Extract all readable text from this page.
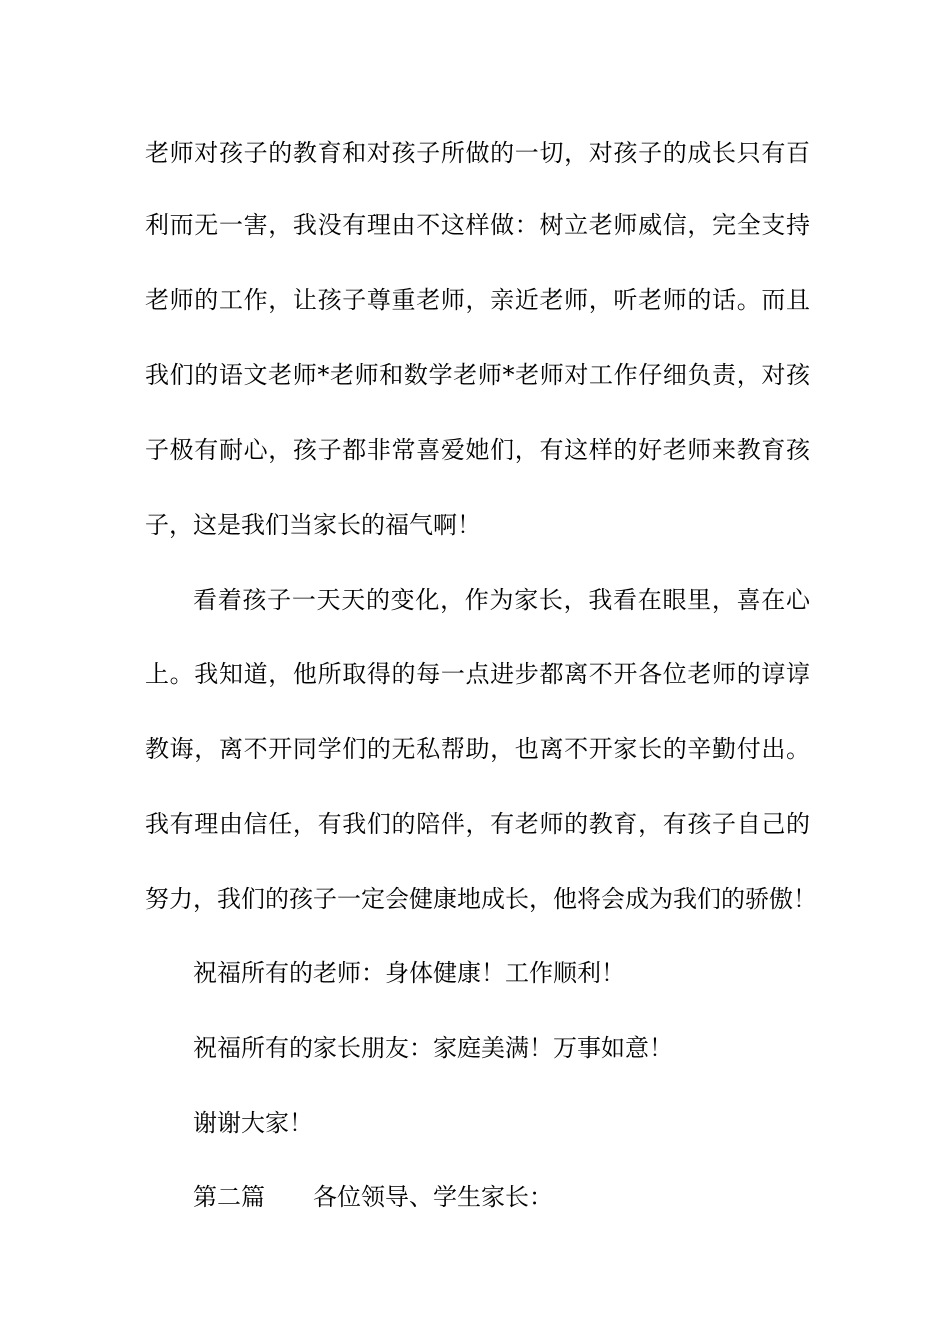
老师对孩子的教育和对孩子所做的一切，对孩子的成长只有百
利而无一害，我没有理由不这样做：树立老师威信，完全支持
老师的工作，让孩子尊重老师，亲近老师，听老师的话。而且
我们的语文老师*老师和数学老师*老师对工作仔细负责，对孩
子极有耐心，孩子都非常喜爱她们，有这样的好老师来教育孩
子，这是我们当家长的福气啊！
看着孩子一天天的变化，作为家长，我看在眼里，喜在心
上。我知道，他所取得的每一点进步都离不开各位老师的谆谆
教诲，离不开同学们的无私帮助，也离不开家长的辛勤付出。
我有理由信任，有我们的陪伴，有老师的教育，有孩子自己的
努力，我们的孩子一定会健康地成长，他将会成为我们的骄傲！
祝福所有的老师：身体健康！工作顺利！
祝福所有的家长朋友：家庭美满！万事如意！
谢谢大家！
第二篇 各位领导、学生家长：
